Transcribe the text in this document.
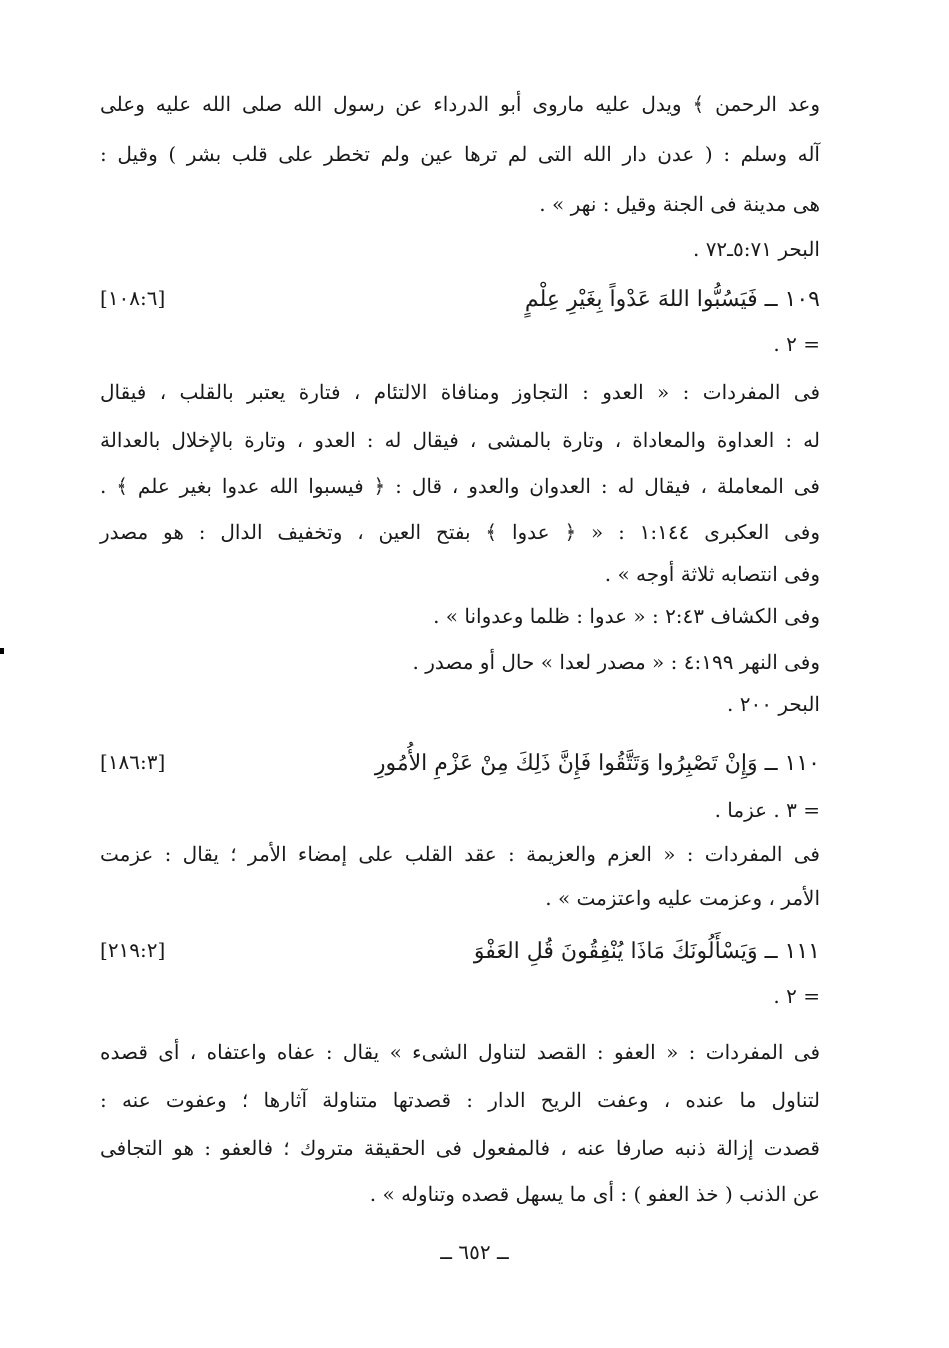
وعد الرحمن ﴾ ويدل عليه ماروى أبو الدرداء عن رسول الله صلى الله عليه وعلى
آله وسلم : ( عدن دار الله التى لم ترها عين ولم تخطر على قلب بشر ) وقيل :
هى مدينة فى الجنة وقيل : نهر » .
البحر ٥:٧١ـ٧٢ .
١٠٩ ــ فَيَسُبُّوا اللهَ عَدْواً بِغَيْرِ عِلْمٍ
[١٠٨:٦]
= ٢ .
فى المفردات : « العدو : التجاوز ومنافاة الالتئام ، فتارة يعتبر بالقلب ، فيقال
له : العداوة والمعاداة ، وتارة بالمشى ، فيقال له : العدو ، وتارة بالإخلال بالعدالة
فى المعاملة ، فيقال له : العدوان والعدو ، قال : ﴿ فيسبوا الله عدوا بغير علم ﴾ .
وفى العكبرى ١:١٤٤ : « ﴿ عدوا ﴾ بفتح العين ، وتخفيف الدال : هو مصدر
وفى انتصابه ثلاثة أوجه » .
وفى الكشاف ٢:٤٣ : « عدوا : ظلما وعدوانا » .
وفى النهر ٤:١٩٩ : « مصدر لعدا » حال أو مصدر .
البحر ٢٠٠ .
١١٠ ــ وَإِنْ تَصْبِرُوا وَتَتَّقُوا فَإِنَّ ذَلِكَ مِنْ عَزْمِ الأُمُورِ
[١٨٦:٣]
= ٣ . عزما .
فى المفردات : « العزم والعزيمة : عقد القلب على إمضاء الأمر ؛ يقال : عزمت
الأمر ، وعزمت عليه واعتزمت » .
١١١ ــ وَيَسْأَلُونَكَ مَاذَا يُنْفِقُونَ قُلِ العَفْوَ
[٢١٩:٢]
= ٢ .
فى المفردات : « العفو : القصد لتناول الشىء » يقال : عفاه واعتفاه ، أى قصده
لتناول ما عنده ، وعفت الريح الدار : قصدتها متناولة آثارها ؛ وعفوت عنه :
قصدت إزالة ذنبه صارفا عنه ، فالمفعول فى الحقيقة متروك ؛ فالعفو : هو التجافى
عن الذنب ( خذ العفو ) : أى ما يسهل قصده وتناوله » .
ــ ٦٥٢ ــ
